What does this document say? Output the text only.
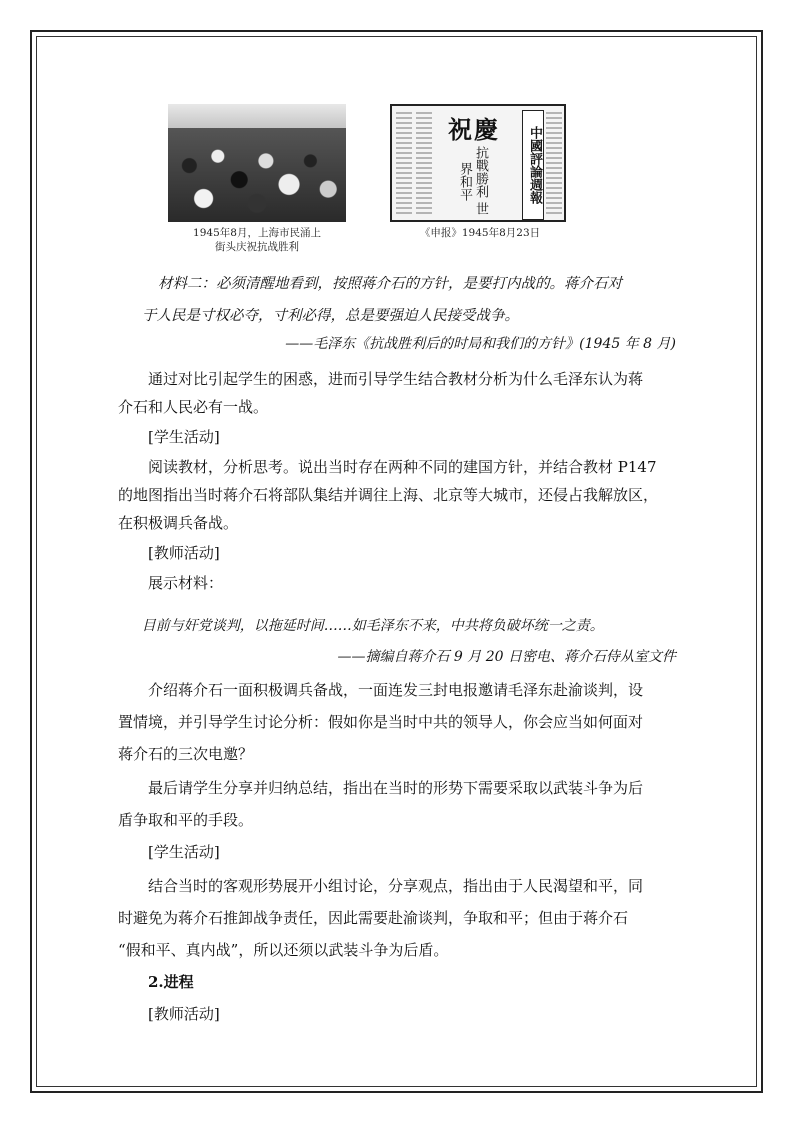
1945年8月，上海市民涌上
街头庆祝抗战胜利
祝慶
抗戰勝利 世界和平	中國評論週報
《申报》1945年8月23日
材料二：必须清醒地看到，按照蒋介石的方针，是要打内战的。蒋介石对
于人民是寸权必夺，寸利必得，总是要强迫人民接受战争。
——毛泽东《抗战胜利后的时局和我们的方针》(1945 年 8 月)
通过对比引起学生的困惑，进而引导学生结合教材分析为什么毛泽东认为蒋
介石和人民必有一战。
[学生活动]
阅读教材，分析思考。说出当时存在两种不同的建国方针，并结合教材 P147
的地图指出当时蒋介石将部队集结并调往上海、北京等大城市，还侵占我解放区，
在积极调兵备战。
[教师活动]
展示材料：
目前与奸党谈判，以拖延时间……如毛泽东不来，中共将负破坏统一之责。
——摘编自蒋介石 9 月 20 日密电、蒋介石侍从室文件
介绍蒋介石一面积极调兵备战，一面连发三封电报邀请毛泽东赴渝谈判，设
置情境，并引导学生讨论分析：假如你是当时中共的领导人，你会应当如何面对
蒋介石的三次电邀？
最后请学生分享并归纳总结，指出在当时的形势下需要采取以武装斗争为后
盾争取和平的手段。
[学生活动]
结合当时的客观形势展开小组讨论，分享观点，指出由于人民渴望和平，同
时避免为蒋介石推卸战争责任，因此需要赴渝谈判，争取和平；但由于蒋介石
“假和平、真内战”，所以还须以武装斗争为后盾。
2.进程
[教师活动]
